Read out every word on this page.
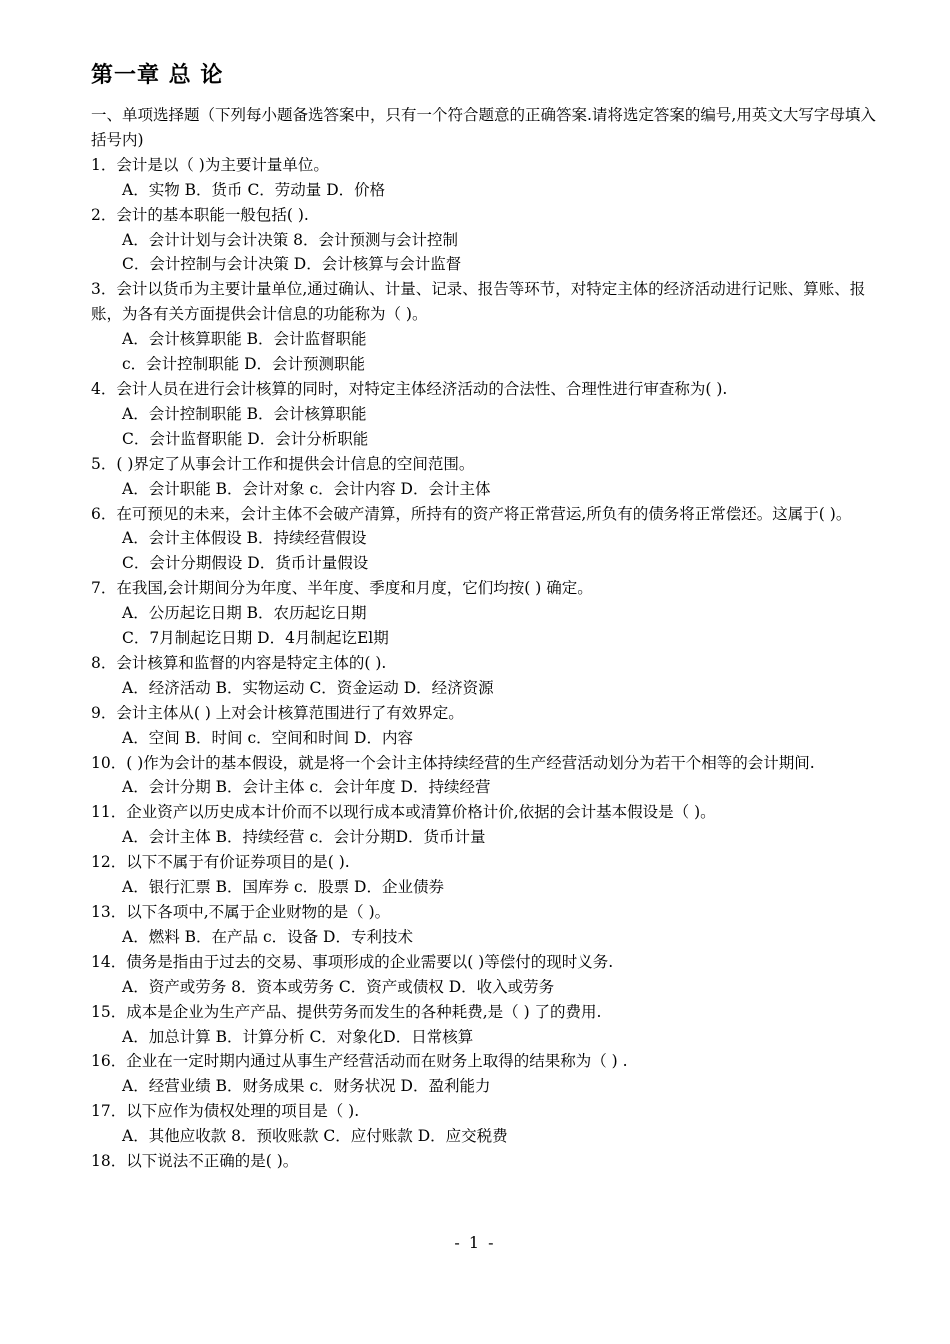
第一章 总 论
一、单项选择题（下列每小题备选答案中，只有一个符合题意的正确答案.请将选定答案的编号,用英文大写字母填入括号内)
1．会计是以（ )为主要计量单位。
A．实物 B．货币 C．劳动量 D．价格
2．会计的基本职能一般包括( ).
A．会计计划与会计决策 8．会计预测与会计控制
C．会计控制与会计决策 D．会计核算与会计监督
3．会计以货币为主要计量单位,通过确认、计量、记录、报告等环节，对特定主体的经济活动进行记账、算账、报账，为各有关方面提供会计信息的功能称为（ )。
A．会计核算职能 B．会计监督职能
c．会计控制职能 D．会计预测职能
4．会计人员在进行会计核算的同时，对特定主体经济活动的合法性、合理性进行审查称为( ).
A．会计控制职能 B．会计核算职能
C．会计监督职能 D．会计分析职能
5．( )界定了从事会计工作和提供会计信息的空间范围。
A．会计职能 B．会计对象 c．会计内容 D．会计主体
6．在可预见的未来，会计主体不会破产清算，所持有的资产将正常营运,所负有的债务将正常偿还。这属于( )。
A．会计主体假设 B．持续经营假设
C．会计分期假设 D．货币计量假设
7．在我国,会计期间分为年度、半年度、季度和月度，它们均按( ) 确定。
A．公历起讫日期 B．农历起讫日期
C．7月制起讫日期 D．4月制起讫El期
8．会计核算和监督的内容是特定主体的( ).
A．经济活动 B．实物运动 C．资金运动 D．经济资源
9．会计主体从( ) 上对会计核算范围进行了有效界定。
A．空间 B．时间 c．空间和时间 D．内容
10．( )作为会计的基本假设，就是将一个会计主体持续经营的生产经营活动划分为若干个相等的会计期间.
A．会计分期 B．会计主体 c．会计年度 D．持续经营
11．企业资产以历史成本计价而不以现行成本或清算价格计价,依据的会计基本假设是（ )。
A．会计主体 B．持续经营 c．会计分期D．货币计量
12．以下不属于有价证券项目的是( ).
A．银行汇票 B．国库券 c．股票 D．企业债券
13．以下各项中,不属于企业财物的是（ )。
A．燃料 B．在产品 c．设备 D．专利技术
14．债务是指由于过去的交易、事项形成的企业需要以( )等偿付的现时义务.
A．资产或劳务 8．资本或劳务 C．资产或债权 D．收入或劳务
15．成本是企业为生产产品、提供劳务而发生的各种耗费,是（ ) 了的费用.
A．加总计算 B．计算分析 C．对象化D．日常核算
16．企业在一定时期内通过从事生产经营活动而在财务上取得的结果称为（ ) .
A．经营业绩 B．财务成果 c．财务状况 D．盈利能力
17．以下应作为债权处理的项目是（ ).
A．其他应收款 8．预收账款 C．应付账款 D．应交税费
18．以下说法不正确的是( )。
- 1 -
